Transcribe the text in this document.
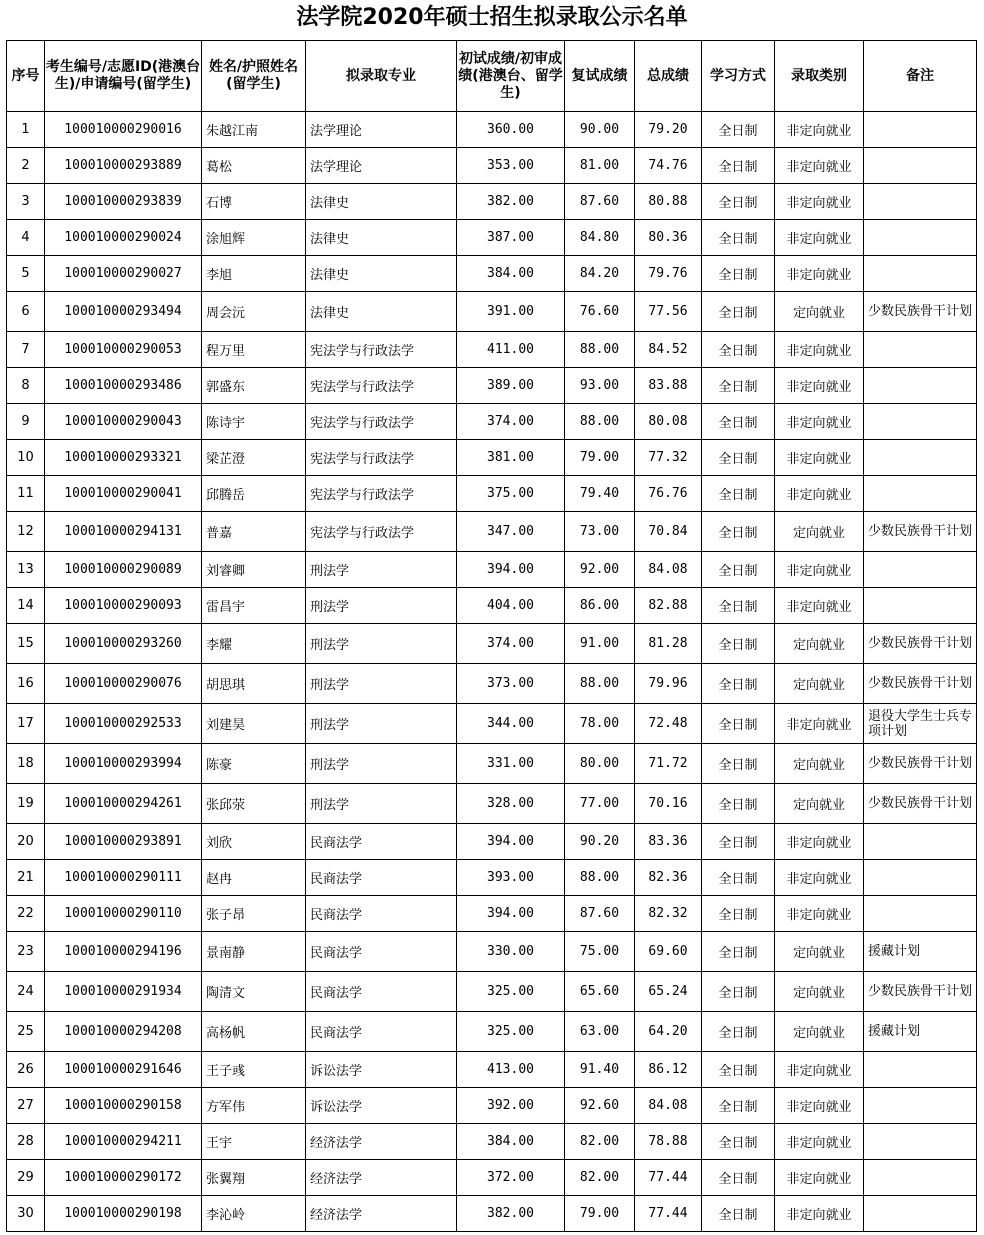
法学院2020年硕士招生拟录取公示名单
序号	考生编号/志愿ID(港澳台生)/申请编号(留学生)	姓名/护照姓名(留学生)	拟录取专业	初试成绩/初审成绩(港澳台、留学生)	复试成绩	总成绩	学习方式	录取类别	备注
1	100010000290016	朱越江南	法学理论	360.00	90.00	79.20	全日制	非定向就业	
2	100010000293889	葛松	法学理论	353.00	81.00	74.76	全日制	非定向就业	
3	100010000293839	石博	法律史	382.00	87.60	80.88	全日制	非定向就业	
4	100010000290024	涂旭辉	法律史	387.00	84.80	80.36	全日制	非定向就业	
5	100010000290027	李旭	法律史	384.00	84.20	79.76	全日制	非定向就业	
6	100010000293494	周会沅	法律史	391.00	76.60	77.56	全日制	定向就业	少数民族骨干计划
7	100010000290053	程万里	宪法学与行政法学	411.00	88.00	84.52	全日制	非定向就业	
8	100010000293486	郭盛东	宪法学与行政法学	389.00	93.00	83.88	全日制	非定向就业	
9	100010000290043	陈诗宇	宪法学与行政法学	374.00	88.00	80.08	全日制	非定向就业	
10	100010000293321	梁芷澄	宪法学与行政法学	381.00	79.00	77.32	全日制	非定向就业	
11	100010000290041	邱腾岳	宪法学与行政法学	375.00	79.40	76.76	全日制	非定向就业	
12	100010000294131	普嘉	宪法学与行政法学	347.00	73.00	70.84	全日制	定向就业	少数民族骨干计划
13	100010000290089	刘睿卿	刑法学	394.00	92.00	84.08	全日制	非定向就业	
14	100010000290093	雷昌宇	刑法学	404.00	86.00	82.88	全日制	非定向就业	
15	100010000293260	李耀	刑法学	374.00	91.00	81.28	全日制	定向就业	少数民族骨干计划
16	100010000290076	胡思琪	刑法学	373.00	88.00	79.96	全日制	定向就业	少数民族骨干计划
17	100010000292533	刘建昊	刑法学	344.00	78.00	72.48	全日制	非定向就业	退役大学生士兵专项计划
18	100010000293994	陈豪	刑法学	331.00	80.00	71.72	全日制	定向就业	少数民族骨干计划
19	100010000294261	张邱荥	刑法学	328.00	77.00	70.16	全日制	定向就业	少数民族骨干计划
20	100010000293891	刘欣	民商法学	394.00	90.20	83.36	全日制	非定向就业	
21	100010000290111	赵冉	民商法学	393.00	88.00	82.36	全日制	非定向就业	
22	100010000290110	张子昂	民商法学	394.00	87.60	82.32	全日制	非定向就业	
23	100010000294196	景南静	民商法学	330.00	75.00	69.60	全日制	定向就业	援藏计划
24	100010000291934	陶清文	民商法学	325.00	65.60	65.24	全日制	定向就业	少数民族骨干计划
25	100010000294208	高杨帆	民商法学	325.00	63.00	64.20	全日制	定向就业	援藏计划
26	100010000291646	王子彧	诉讼法学	413.00	91.40	86.12	全日制	非定向就业	
27	100010000290158	方军伟	诉讼法学	392.00	92.60	84.08	全日制	非定向就业	
28	100010000294211	王宇	经济法学	384.00	82.00	78.88	全日制	非定向就业	
29	100010000290172	张翼翔	经济法学	372.00	82.00	77.44	全日制	非定向就业	
30	100010000290198	李沁岭	经济法学	382.00	79.00	77.44	全日制	非定向就业	
